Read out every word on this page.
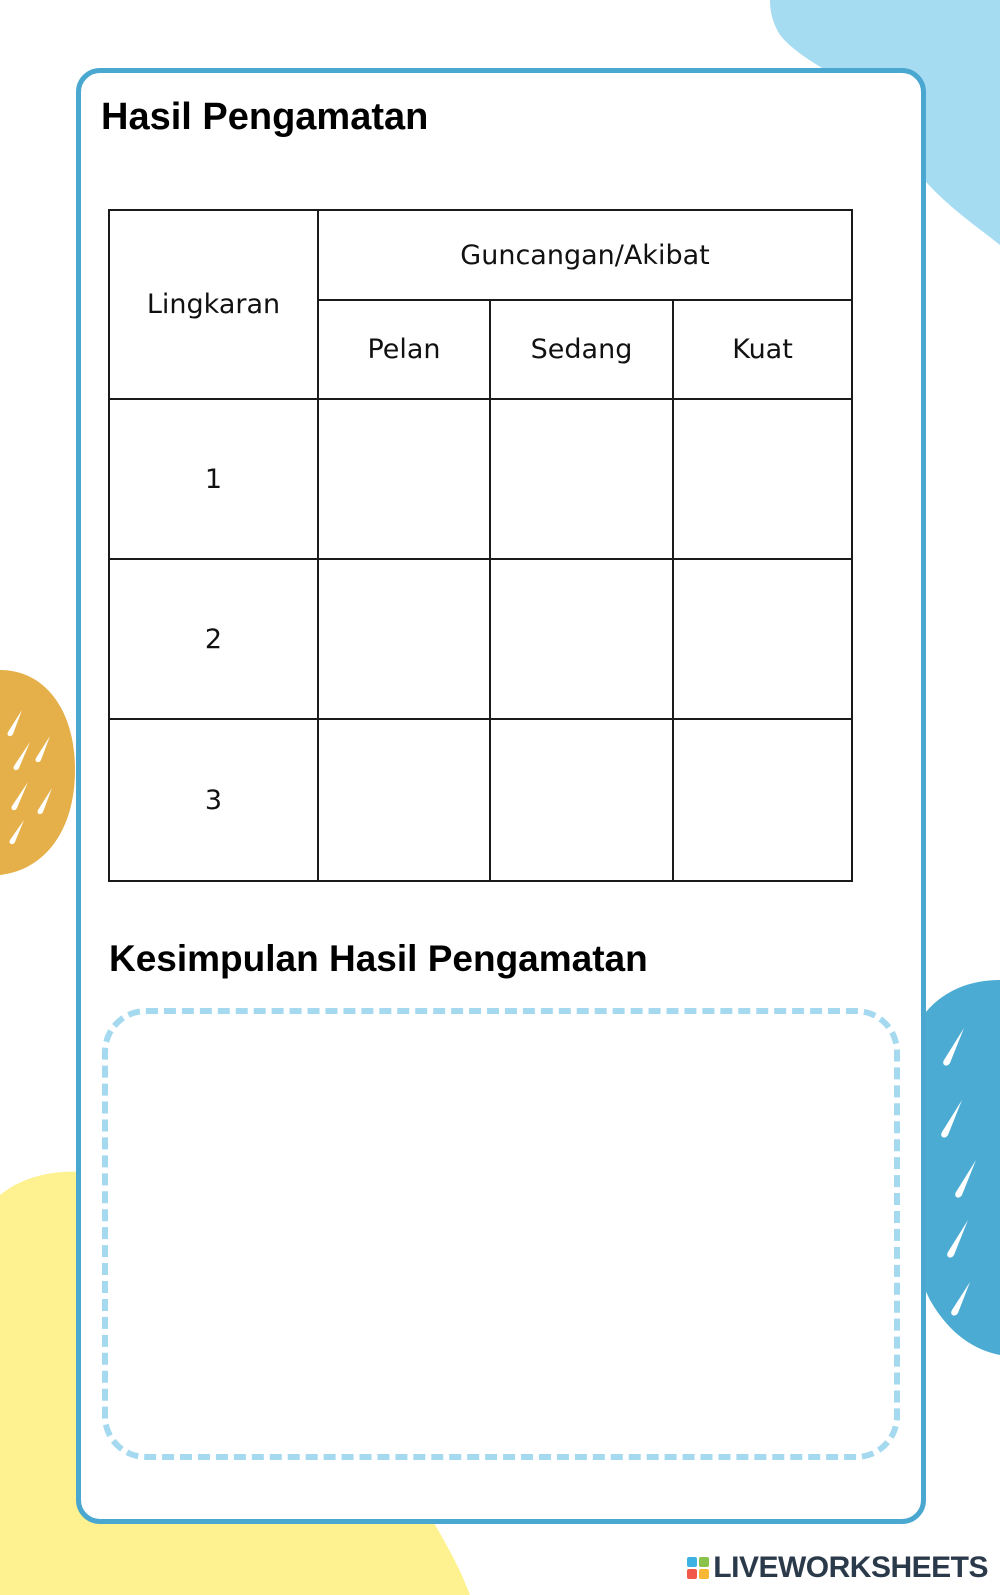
Hasil Pengamatan
Lingkaran	Guncangan/Akibat		
	Pelan	Sedang	Kuat
1			
2			
3			
Kesimpulan Hasil Pengamatan
LIVEWORKSHEETS
